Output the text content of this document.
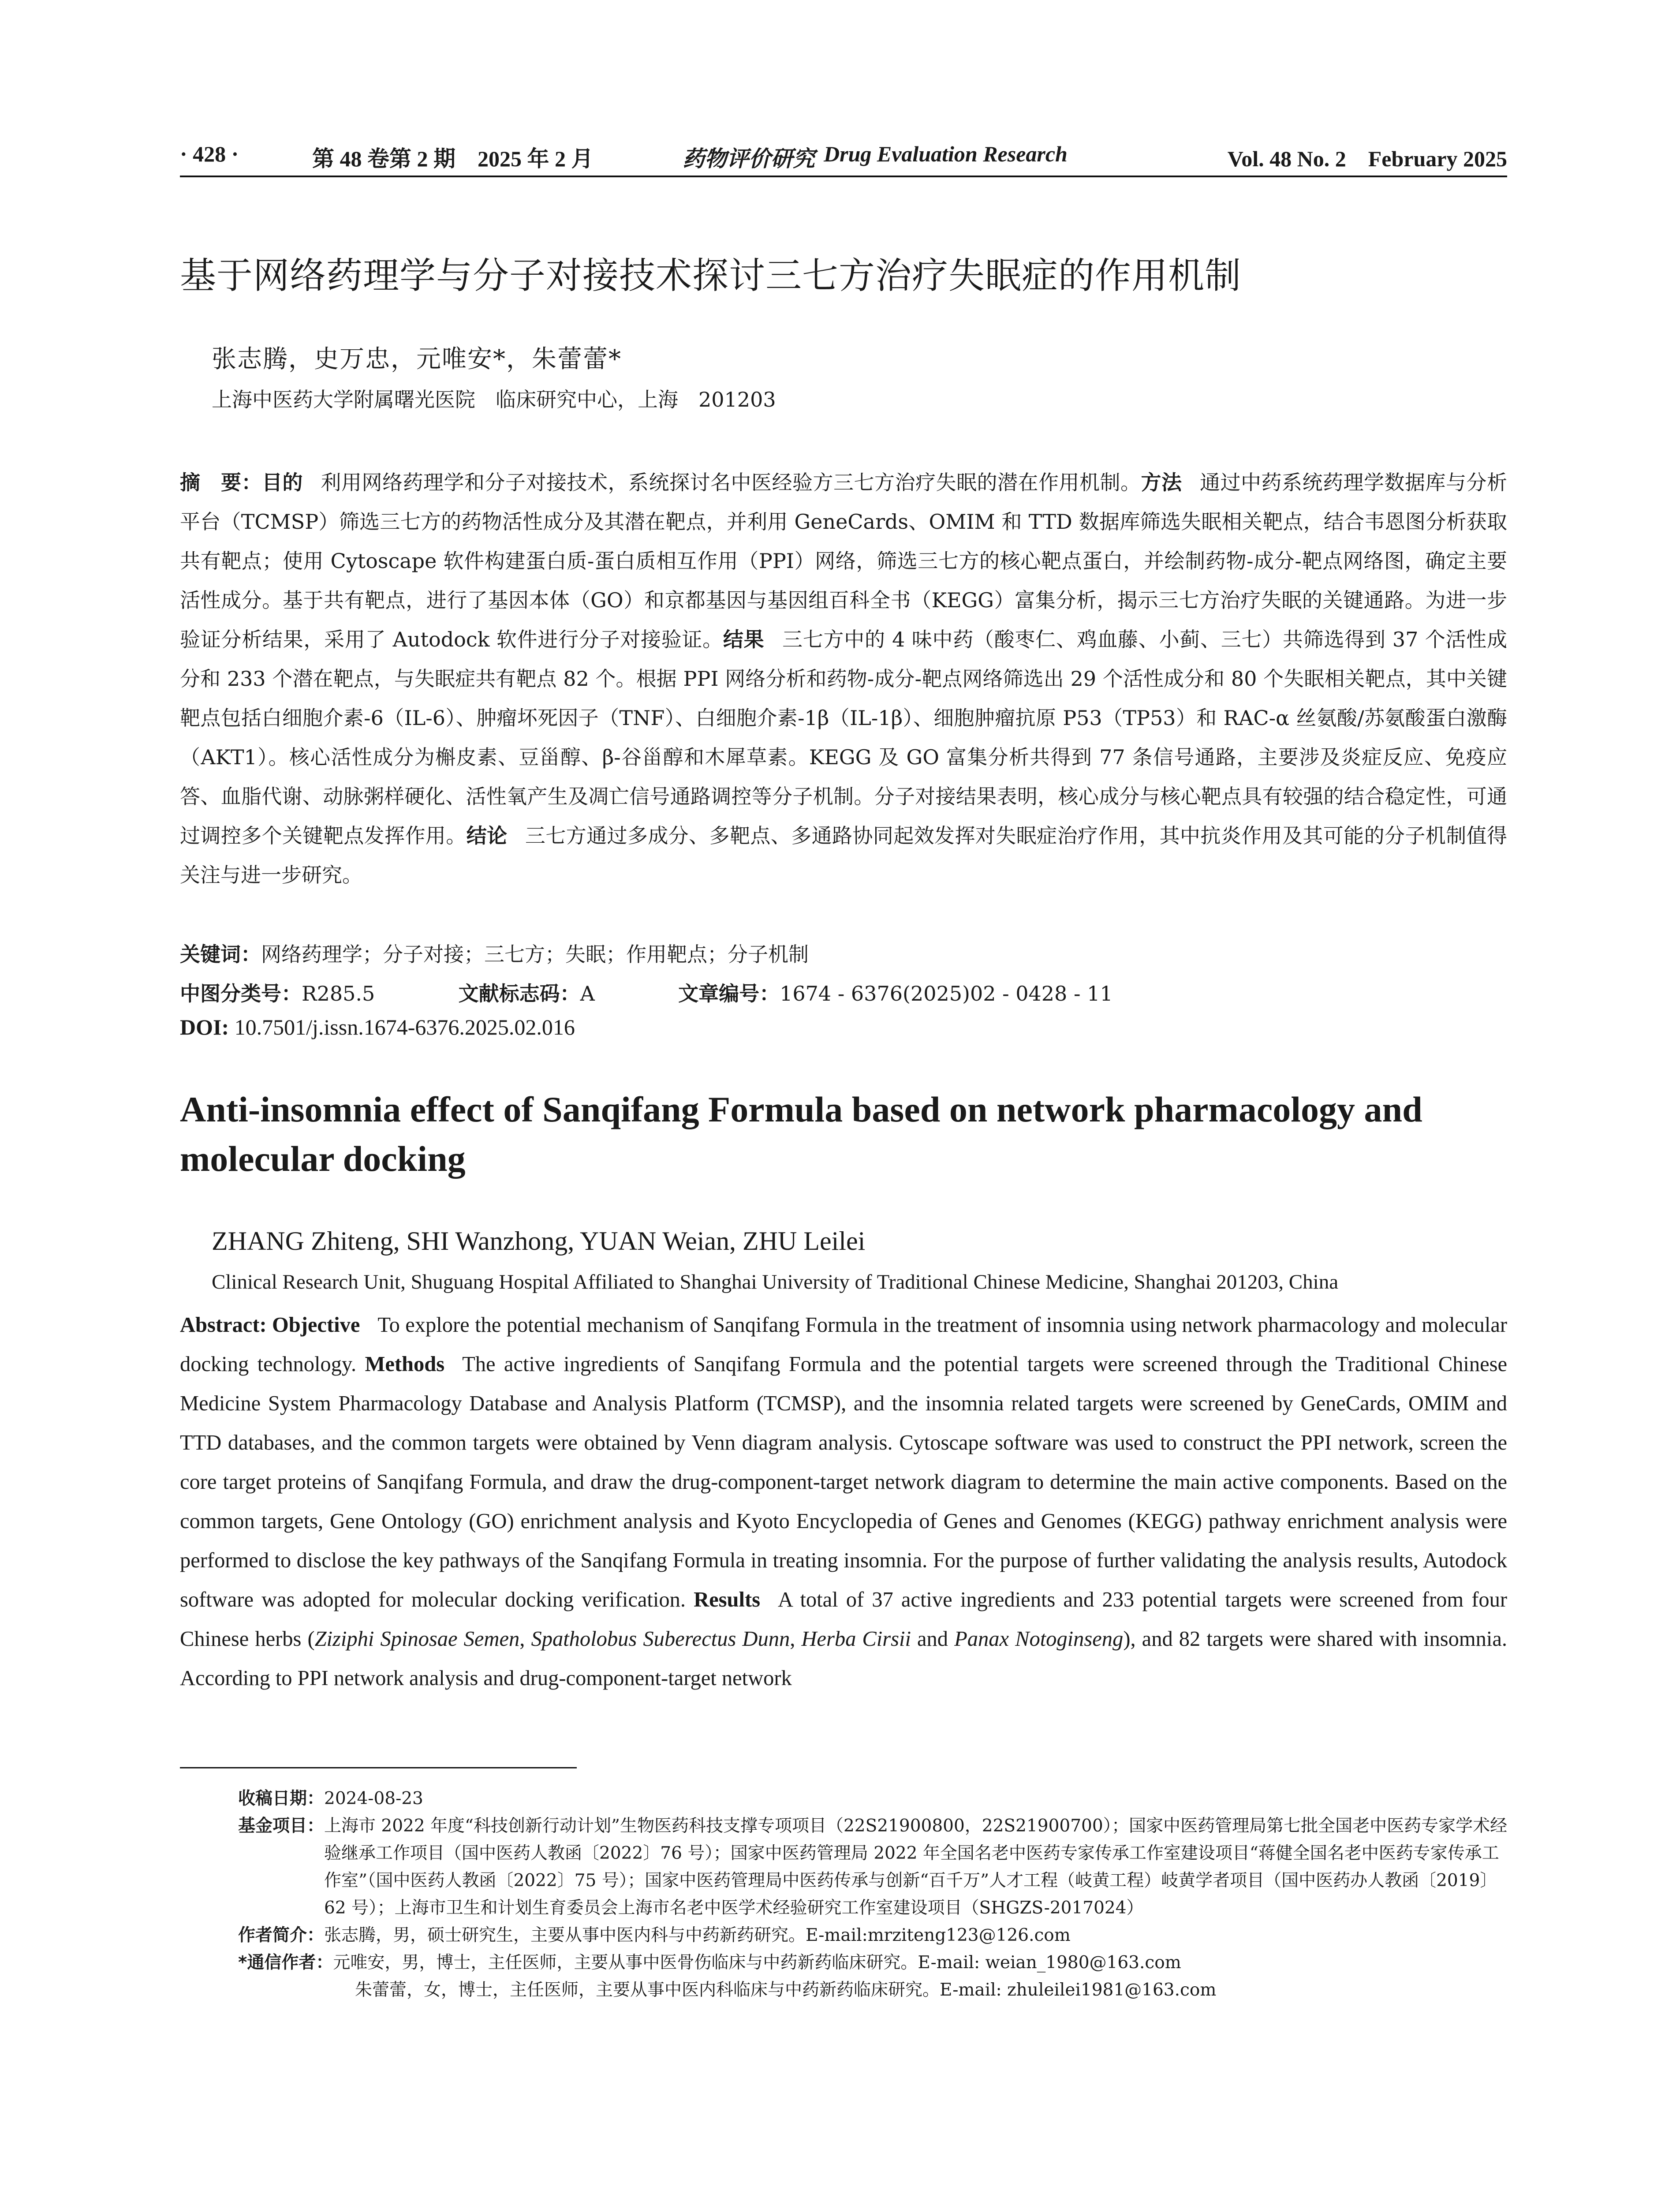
· 428 ·	第 48 卷第 2 期　2025 年 2 月	药物评价研究 Drug Evaluation Research	Vol. 48 No. 2　February 2025
基于网络药理学与分子对接技术探讨三七方治疗失眠症的作用机制
张志腾，史万忠，元唯安*，朱蕾蕾*
上海中医药大学附属曙光医院　临床研究中心，上海　201203
摘　要：目的 利用网络药理学和分子对接技术，系统探讨名中医经验方三七方治疗失眠的潜在作用机制。方法 通过中药系统药理学数据库与分析平台（TCMSP）筛选三七方的药物活性成分及其潜在靶点，并利用 GeneCards、OMIM 和 TTD 数据库筛选失眠相关靶点，结合韦恩图分析获取共有靶点；使用 Cytoscape 软件构建蛋白质-蛋白质相互作用（PPI）网络，筛选三七方的核心靶点蛋白，并绘制药物-成分-靶点网络图，确定主要活性成分。基于共有靶点，进行了基因本体（GO）和京都基因与基因组百科全书（KEGG）富集分析，揭示三七方治疗失眠的关键通路。为进一步验证分析结果，采用了 Autodock 软件进行分子对接验证。结果 三七方中的 4 味中药（酸枣仁、鸡血藤、小蓟、三七）共筛选得到 37 个活性成分和 233 个潜在靶点，与失眠症共有靶点 82 个。根据 PPI 网络分析和药物-成分-靶点网络筛选出 29 个活性成分和 80 个失眠相关靶点，其中关键靶点包括白细胞介素-6（IL-6）、肿瘤坏死因子（TNF）、白细胞介素-1β（IL-1β）、细胞肿瘤抗原 P53（TP53）和 RAC-α 丝氨酸/苏氨酸蛋白激酶（AKT1）。核心活性成分为槲皮素、豆甾醇、β-谷甾醇和木犀草素。KEGG 及 GO 富集分析共得到 77 条信号通路，主要涉及炎症反应、免疫应答、血脂代谢、动脉粥样硬化、活性氧产生及凋亡信号通路调控等分子机制。分子对接结果表明，核心成分与核心靶点具有较强的结合稳定性，可通过调控多个关键靶点发挥作用。结论 三七方通过多成分、多靶点、多通路协同起效发挥对失眠症治疗作用，其中抗炎作用及其可能的分子机制值得关注与进一步研究。
关键词：网络药理学；分子对接；三七方；失眠；作用靶点；分子机制
中图分类号：R285.5	文献标志码：A	文章编号：1674 - 6376(2025)02 - 0428 - 11
DOI: 10.7501/j.issn.1674-6376.2025.02.016
Anti-insomnia effect of Sanqifang Formula based on network pharmacology and molecular docking
ZHANG Zhiteng, SHI Wanzhong, YUAN Weian, ZHU Leilei
Clinical Research Unit, Shuguang Hospital Affiliated to Shanghai University of Traditional Chinese Medicine, Shanghai 201203, China
Abstract: Objective To explore the potential mechanism of Sanqifang Formula in the treatment of insomnia using network pharmacology and molecular docking technology. Methods The active ingredients of Sanqifang Formula and the potential targets were screened through the Traditional Chinese Medicine System Pharmacology Database and Analysis Platform (TCMSP), and the insomnia related targets were screened by GeneCards, OMIM and TTD databases, and the common targets were obtained by Venn diagram analysis. Cytoscape software was used to construct the PPI network, screen the core target proteins of Sanqifang Formula, and draw the drug-component-target network diagram to determine the main active components. Based on the common targets, Gene Ontology (GO) enrichment analysis and Kyoto Encyclopedia of Genes and Genomes (KEGG) pathway enrichment analysis were performed to disclose the key pathways of the Sanqifang Formula in treating insomnia. For the purpose of further validating the analysis results, Autodock software was adopted for molecular docking verification. Results A total of 37 active ingredients and 233 potential targets were screened from four Chinese herbs (Ziziphi Spinosae Semen, Spatholobus Suberectus Dunn, Herba Cirsii and Panax Notoginseng), and 82 targets were shared with insomnia. According to PPI network analysis and drug-component-target network
收稿日期： 2024-08-23
基金项目： 上海市 2022 年度“科技创新行动计划”生物医药科技支撑专项项目（22S21900800，22S21900700）；国家中医药管理局第七批全国老中医药专家学术经验继承工作项目（国中医药人教函〔2022〕76 号）；国家中医药管理局 2022 年全国名老中医药专家传承工作室建设项目“蒋健全国名老中医药专家传承工作室”（国中医药人教函〔2022〕75 号）；国家中医药管理局中医药传承与创新“百千万”人才工程（岐黄工程）岐黄学者项目（国中医药办人教函〔2019〕62 号）；上海市卫生和计划生育委员会上海市名老中医学术经验研究工作室建设项目（SHGZS-2017024）
作者简介： 张志腾，男，硕士研究生，主要从事中医内科与中药新药研究。E-mail:mrziteng123@126.com
*通信作者： 元唯安，男，博士，主任医师，主要从事中医骨伤临床与中药新药临床研究。E-mail: weian_1980@163.com
朱蕾蕾，女，博士，主任医师，主要从事中医内科临床与中药新药临床研究。E-mail: zhuleilei1981@163.com
